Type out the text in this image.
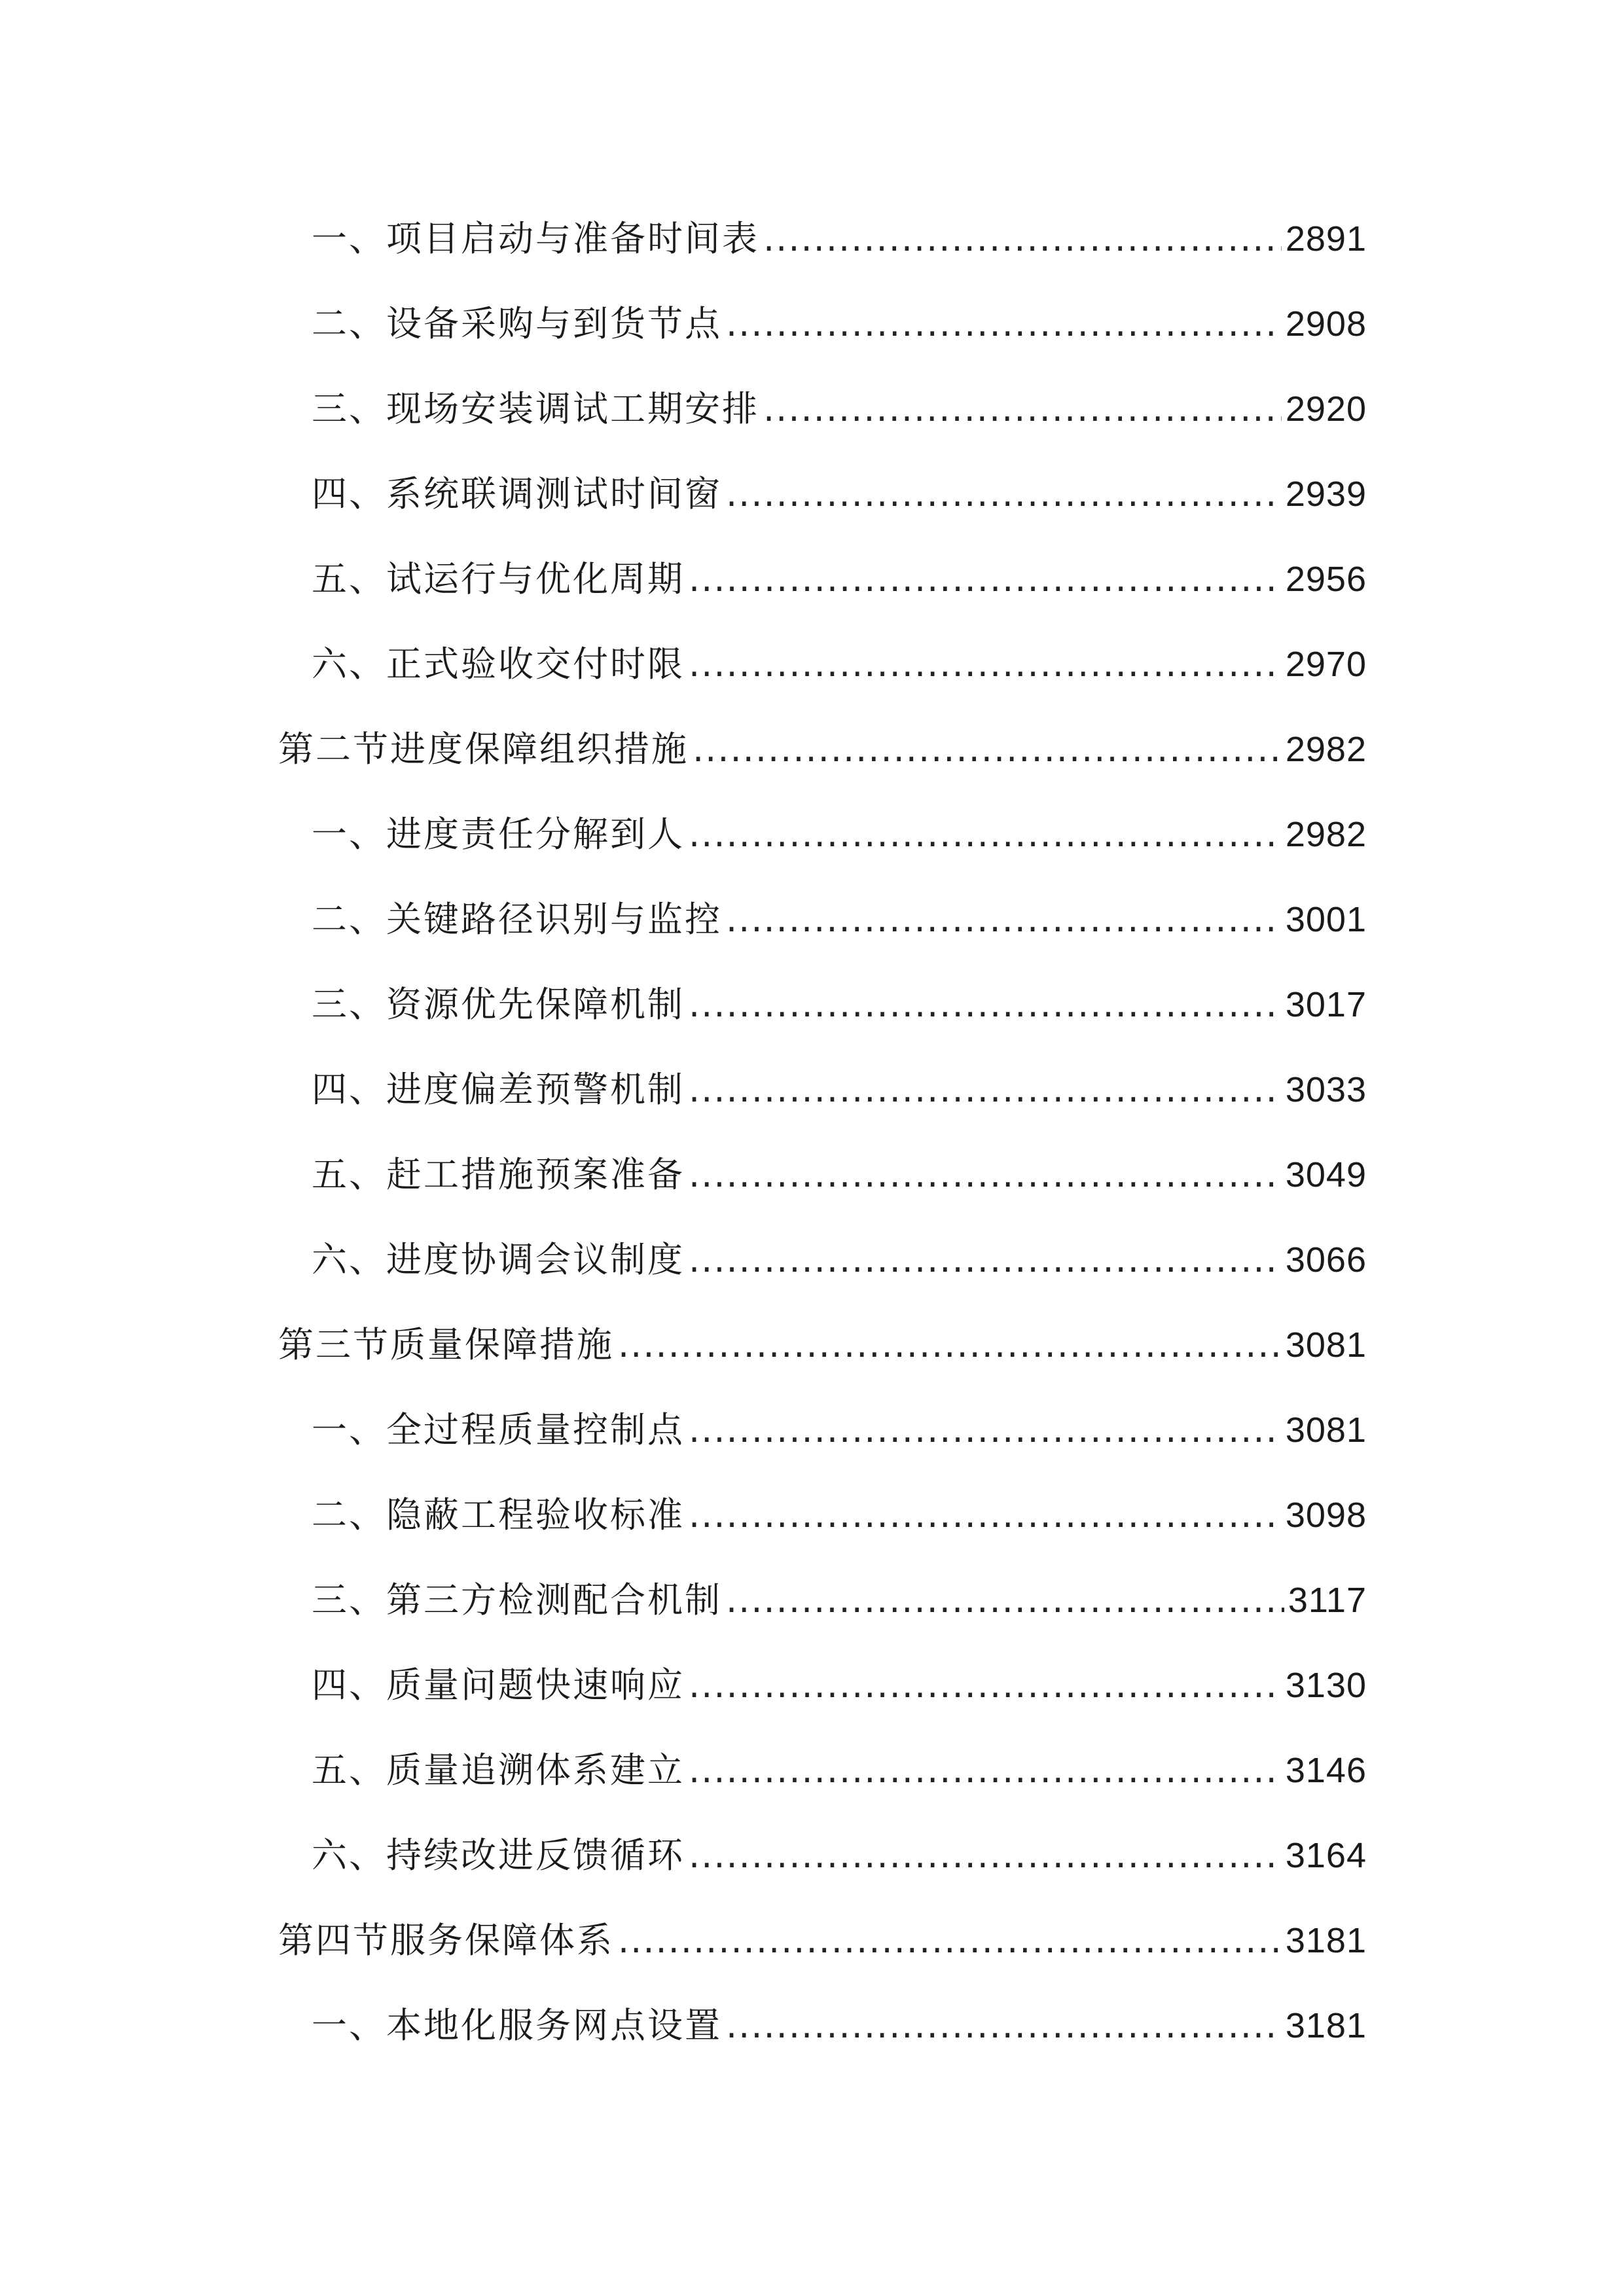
一、项目启动与准备时间表 .....	2891
二、设备采购与到货节点 .....	2908
三、现场安装调试工期安排 .....	2920
四、系统联调测试时间窗 .....	2939
五、试运行与优化周期 .....	2956
六、正式验收交付时限 .....	2970
第二节进度保障组织措施 .....	2982
一、进度责任分解到人 .....	2982
二、关键路径识别与监控 .....	3001
三、资源优先保障机制 .....	3017
四、进度偏差预警机制 .....	3033
五、赶工措施预案准备 .....	3049
六、进度协调会议制度 .....	3066
第三节质量保障措施 .....	3081
一、全过程质量控制点 .....	3081
二、隐蔽工程验收标准 .....	3098
三、第三方检测配合机制 .....	3117
四、质量问题快速响应 .....	3130
五、质量追溯体系建立 .....	3146
六、持续改进反馈循环 .....	3164
第四节服务保障体系 .....	3181
一、本地化服务网点设置 .....	3181
